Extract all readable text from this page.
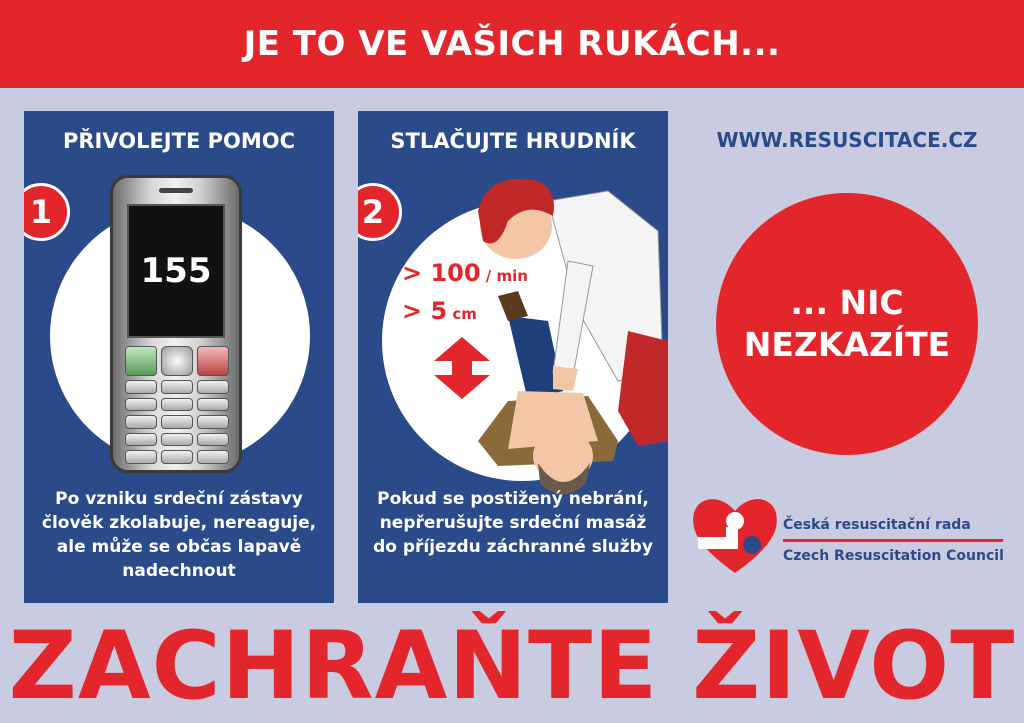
JE TO VE VAŠICH RUKÁCH...
PŘIVOLEJTE POMOC
155
1
Po vzniku srdeční zástavy člověk zkolabuje, nereaguje, ale může se občas lapavě nadechnout
STLAČUJTE HRUDNÍK
> 100 / min
> 5 cm
2
Pokud se postižený nebrání, nepřerušujte srdeční masáž do příjezdu záchranné služby
WWW.RESUSCITACE.CZ
... NIC
NEZKAZÍTE
Česká resuscitační rada
Czech Resuscitation Council
ZACHRAŇTE ŽIVOT
